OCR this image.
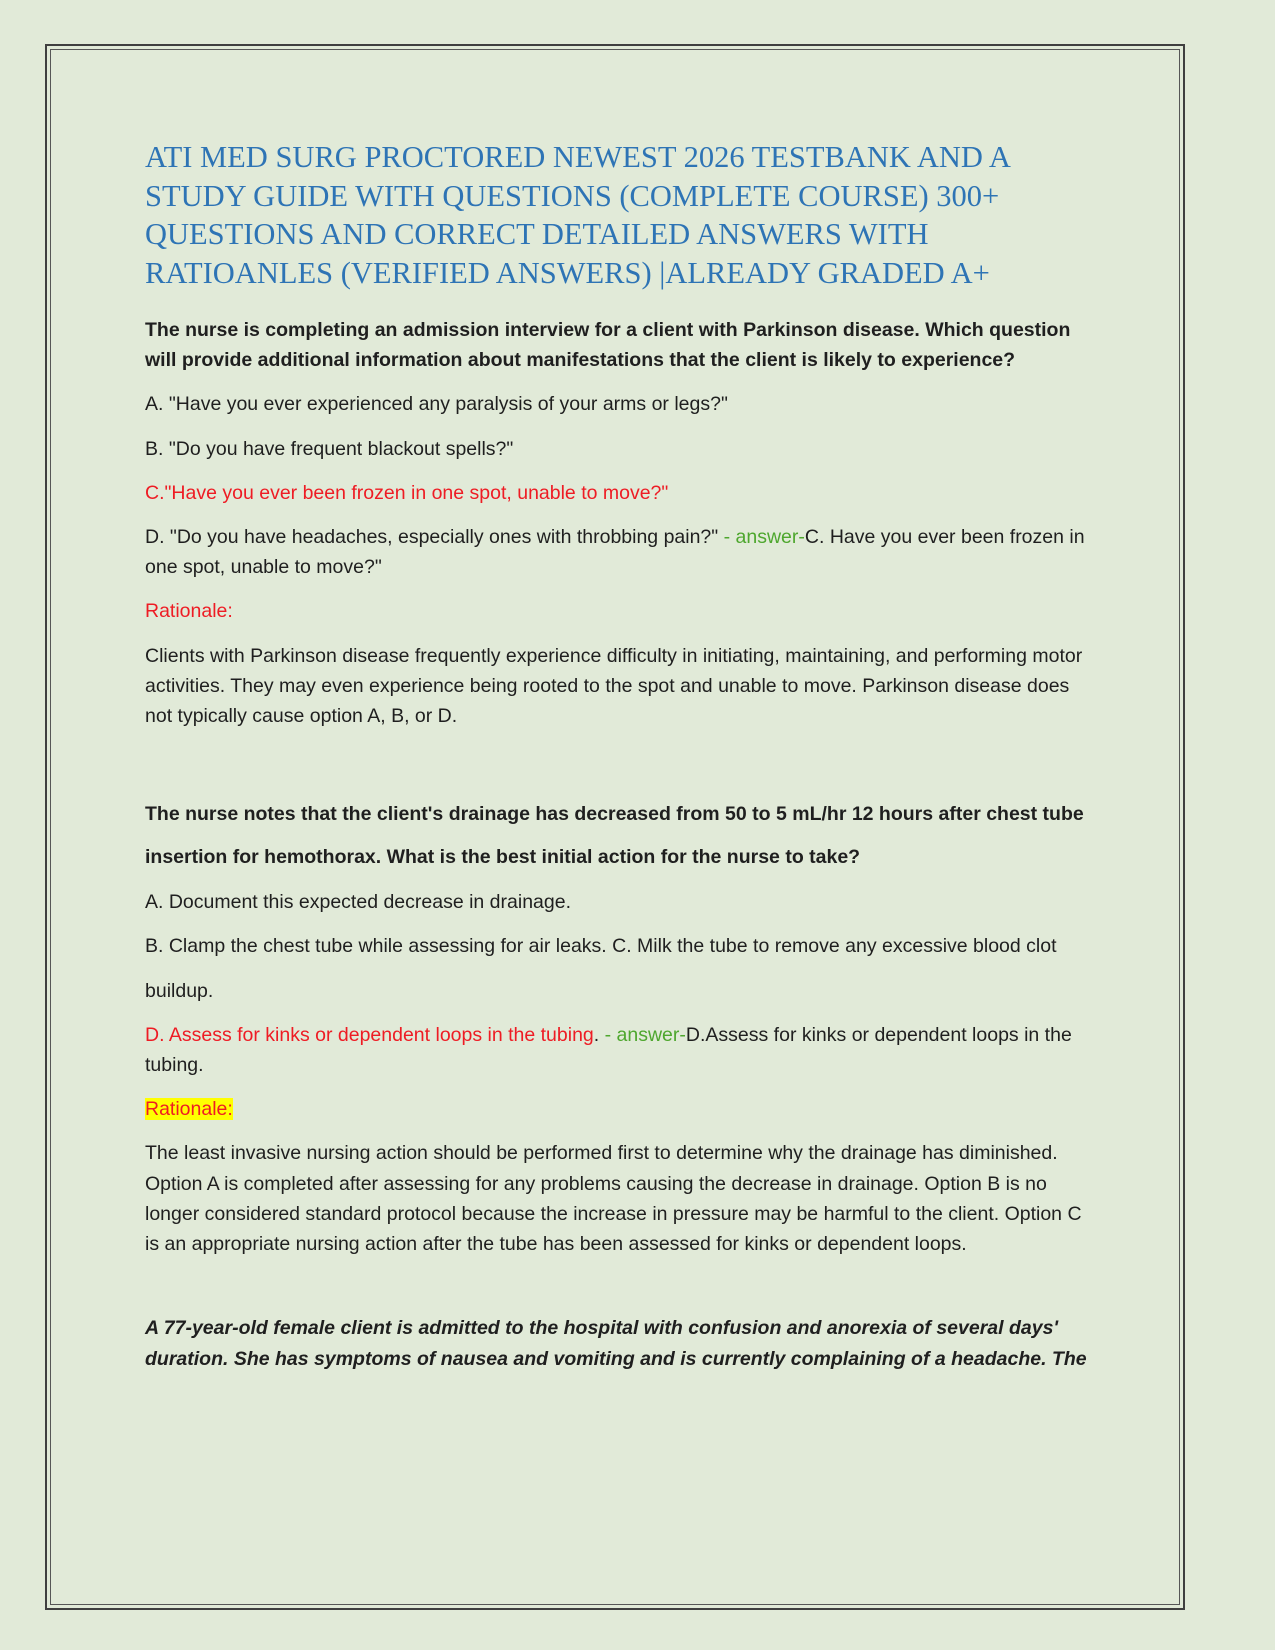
ATI MED SURG PROCTORED NEWEST 2026 TESTBANK AND A STUDY GUIDE WITH QUESTIONS (COMPLETE COURSE) 300+ QUESTIONS AND CORRECT DETAILED ANSWERS WITH RATIOANLES (VERIFIED ANSWERS) |ALREADY GRADED A+

The nurse is completing an admission interview for a client with Parkinson disease. Which question will provide additional information about manifestations that the client is likely to experience?

A. "Have you ever experienced any paralysis of your arms or legs?"

B. "Do you have frequent blackout spells?"

C."Have you ever been frozen in one spot, unable to move?"

D. "Do you have headaches, especially ones with throbbing pain?" - answer-C. Have you ever been frozen in one spot, unable to move?"

Rationale:

Clients with Parkinson disease frequently experience difficulty in initiating, maintaining, and performing motor activities. They may even experience being rooted to the spot and unable to move. Parkinson disease does not typically cause option A, B, or D.

The nurse notes that the client's drainage has decreased from 50 to 5 mL/hr 12 hours after chest tube insertion for hemothorax. What is the best initial action for the nurse to take?

A. Document this expected decrease in drainage.

B. Clamp the chest tube while assessing for air leaks. C. Milk the tube to remove any excessive blood clot

buildup.

D. Assess for kinks or dependent loops in the tubing. - answer-D.Assess for kinks or dependent loops in the tubing.

Rationale:

The least invasive nursing action should be performed first to determine why the drainage has diminished. Option A is completed after assessing for any problems causing the decrease in drainage. Option B is no longer considered standard protocol because the increase in pressure may be harmful to the client. Option C is an appropriate nursing action after the tube has been assessed for kinks or dependent loops.

A 77-year-old female client is admitted to the hospital with confusion and anorexia of several days' duration. She has symptoms of nausea and vomiting and is currently complaining of a headache. The
